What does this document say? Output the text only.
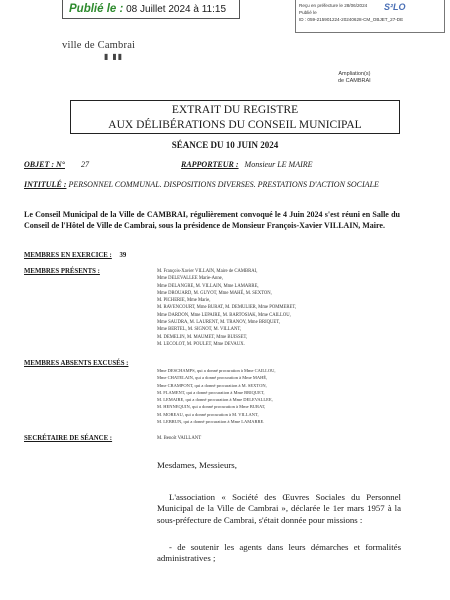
Publié le : 08 Juillet 2024 à 11:15	Reçu en préfecture le 28/06/2024
Publié le
ID : 059-215901224-20240628-CM_OBJET_27-DE
S²LO
ville de Cambrai
▮ ▮▮
Ampliation(s)
de CAMBRAI
EXTRAIT DU REGISTRE
AUX DÉLIBÉRATIONS DU CONSEIL MUNICIPAL
SÉANCE DU 10 JUIN 2024
OBJET : N° 27	RAPPORTEUR : Monsieur LE MAIRE
INTITULÉ : PERSONNEL COMMUNAL. DISPOSITIONS DIVERSES. PRESTATIONS D'ACTION SOCIALE
Le Conseil Municipal de la Ville de CAMBRAI, régulièrement convoqué le 4 Juin 2024 s'est réuni en Salle du Conseil de l'Hôtel de Ville de Cambrai, sous la présidence de Monsieur François-Xavier VILLAIN, Maire.
MEMBRES EN EXERCICE : 39
MEMBRES PRÉSENTS :	M. François-Xavier VILLAIN, Maire de CAMBRAI,
Mme DELEVALLEE Marie-Anne,
Mme DELANGRE, M. VILLAIN, Mme LAMARRE,
Mme DROUARD, M. GUYOT, Mme MAHÉ, M. SEXTON,
M. PICHERIE, Mme Marie,
M. RAVENCOURT, Mme BURAT, M. DEMULIER, Mme POMMERET,
Mme DARDON, Mme LEPAIRE, M. BARTOSIAK, Mme CAILLOU,
Mme SAUDRA, M. LAURENT, M. TRANOY, Mme BRIQUET,
Mme BERTEL, M. SIGNOT, M. VILLANT,
M. DEMELIN, M. MAUMET, Mme BUISSET,
M. LECOLOT, M. POULET, Mme DEVAUX.
MEMBRES ABSENTS EXCUSÉS :
Mme DESCHAMPS, qui a donné procuration à Mme CAILLOU,
Mme CHATELAIN, qui a donné procuration à Mme MAHÉ,
Mme CRAMPONT, qui a donné procuration à M. SEXTON,
M. FLAMENT, qui a donné procuration à Mme BRIQUET,
M. LEMAIRE, qui a donné procuration à Mme DELEVALLEE,
M. HENNEQUIN, qui a donné procuration à Mme BURAT,
M. MOREAU, qui a donné procuration à M. VILLANT,
M. LEBRUN, qui a donné procuration à Mme LAMARRE.
SECRÉTAIRE DE SÉANCE :	M. Benoît VAILLANT
Mesdames, Messieurs,
L'association « Société des Œuvres Sociales du Personnel Municipal de la Ville de Cambrai », déclarée le 1er mars 1957 à la sous-préfecture de Cambrai, s'était donnée pour missions :
- de soutenir les agents dans leurs démarches et formalités administratives ;
